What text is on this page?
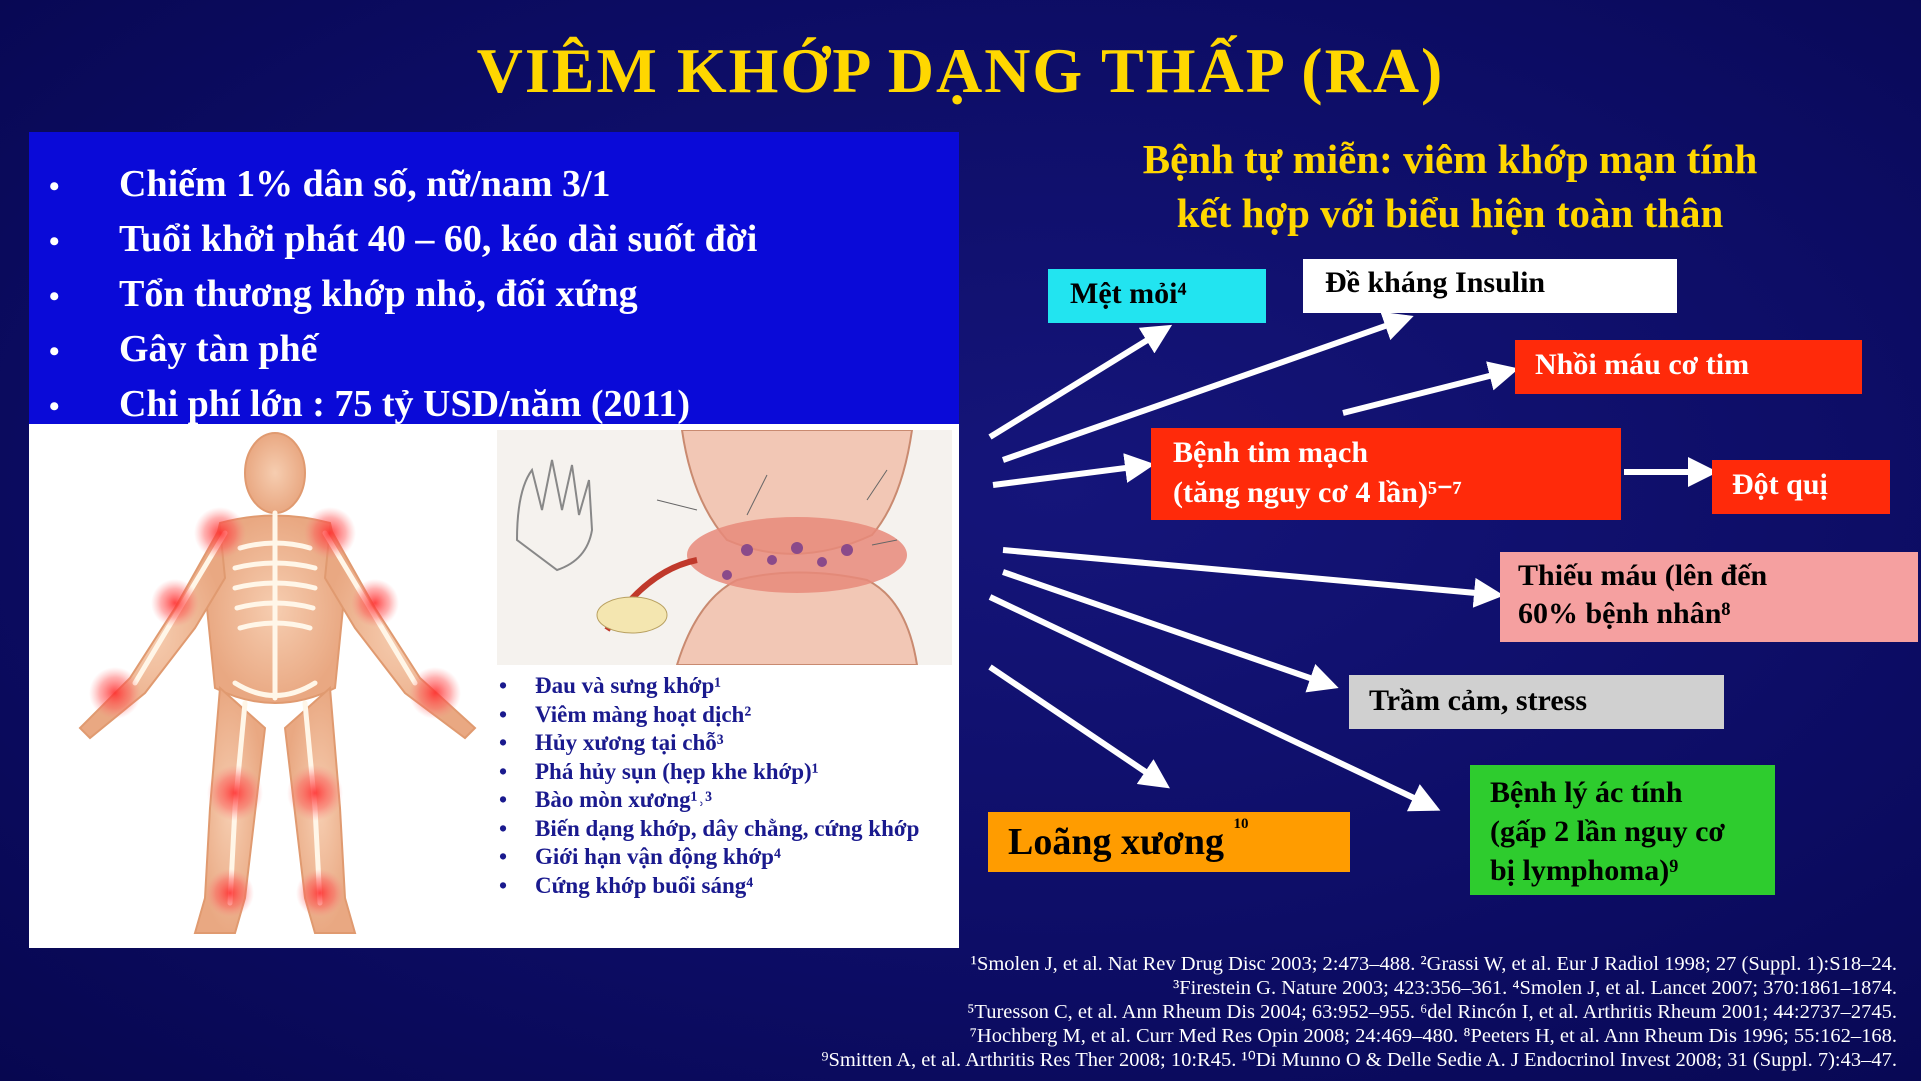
VIÊM KHỚP DẠNG THẤP (RA)
• Chiếm 1% dân số, nữ/nam 3/1
• Tuổi khởi phát 40 – 60, kéo dài suốt đời
• Tổn thương khớp nhỏ, đối xứng
• Gây tàn phế
• Chi phí lớn : 75 tỷ USD/năm (2011)
• Đau và sưng khớp¹
• Viêm màng hoạt dịch²
• Hủy xương tại chỗ³
• Phá hủy sụn (hẹp khe khớp)¹
• Bào mòn xương¹˒³
• Biến dạng khớp, dây chằng, cứng khớp
• Giới hạn vận động khớp⁴
• Cứng khớp buổi sáng⁴
Bệnh tự miễn: viêm khớp mạn tính
kết hợp với biểu hiện toàn thân
Mệt mỏi⁴	Đề kháng Insulin
Nhồi máu cơ tim
Bệnh tim mạch
(tăng nguy cơ 4 lần)⁵⁻⁷	Đột quị
Thiếu máu (lên đến
60% bệnh nhân⁸
Trầm cảm, stress
Loãng xương $^{10}$
Bệnh lý ác tính
(gấp 2 lần nguy cơ
bị lymphoma)⁹
¹Smolen J, et al. Nat Rev Drug Disc 2003; 2:473–488. ²Grassi W, et al. Eur J Radiol 1998; 27 (Suppl. 1):S18–24.
³Firestein G. Nature 2003; 423:356–361. ⁴Smolen J, et al. Lancet 2007; 370:1861–1874.
⁵Turesson C, et al. Ann Rheum Dis 2004; 63:952–955. ⁶del Rincón I, et al. Arthritis Rheum 2001; 44:2737–2745.
⁷Hochberg M, et al. Curr Med Res Opin 2008; 24:469–480. ⁸Peeters H, et al. Ann Rheum Dis 1996; 55:162–168.
⁹Smitten A, et al. Arthritis Res Ther 2008; 10:R45. ¹⁰Di Munno O & Delle Sedie A. J Endocrinol Invest 2008; 31 (Suppl. 7):43–47.
